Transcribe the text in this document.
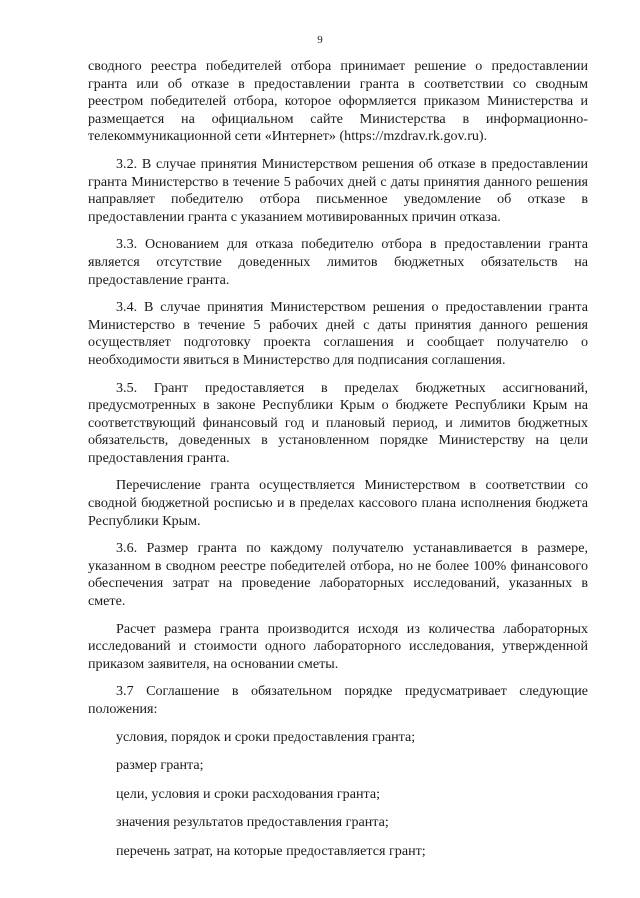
9

сводного реестра победителей отбора принимает решение о предоставлении гранта или об отказе в предоставлении гранта в соответствии со сводным реестром победителей отбора, которое оформляется приказом Министерства и размещается на официальном сайте Министерства в информационно-телекоммуникационной сети «Интернет» (https://mzdrav.rk.gov.ru).

3.2. В случае принятия Министерством решения об отказе в предоставлении гранта Министерство в течение 5 рабочих дней с даты принятия данного решения направляет победителю отбора письменное уведомление об отказе в предоставлении гранта с указанием мотивированных причин отказа.

3.3. Основанием для отказа победителю отбора в предоставлении гранта является отсутствие доведенных лимитов бюджетных обязательств на предоставление гранта.

3.4. В случае принятия Министерством решения о предоставлении гранта Министерство в течение 5 рабочих дней с даты принятия данного решения осуществляет подготовку проекта соглашения и сообщает получателю о необходимости явиться в Министерство для подписания соглашения.

3.5. Грант предоставляется в пределах бюджетных ассигнований, предусмотренных в законе Республики Крым о бюджете Республики Крым на соответствующий финансовый год и плановый период, и лимитов бюджетных обязательств, доведенных в установленном порядке Министерству на цели предоставления гранта.

Перечисление гранта осуществляется Министерством в соответствии со сводной бюджетной росписью и в пределах кассового плана исполнения бюджета Республики Крым.

3.6. Размер гранта по каждому получателю устанавливается в размере, указанном в сводном реестре победителей отбора, но не более 100% финансового обеспечения затрат на проведение лабораторных исследований, указанных в смете.

Расчет размера гранта производится исходя из количества лабораторных исследований и стоимости одного лабораторного исследования, утвержденной приказом заявителя, на основании сметы.

3.7 Соглашение в обязательном порядке предусматривает следующие положения:

условия, порядок и сроки предоставления гранта;
размер гранта;
цели, условия и сроки расходования гранта;
значения результатов предоставления гранта;
перечень затрат, на которые предоставляется грант;
